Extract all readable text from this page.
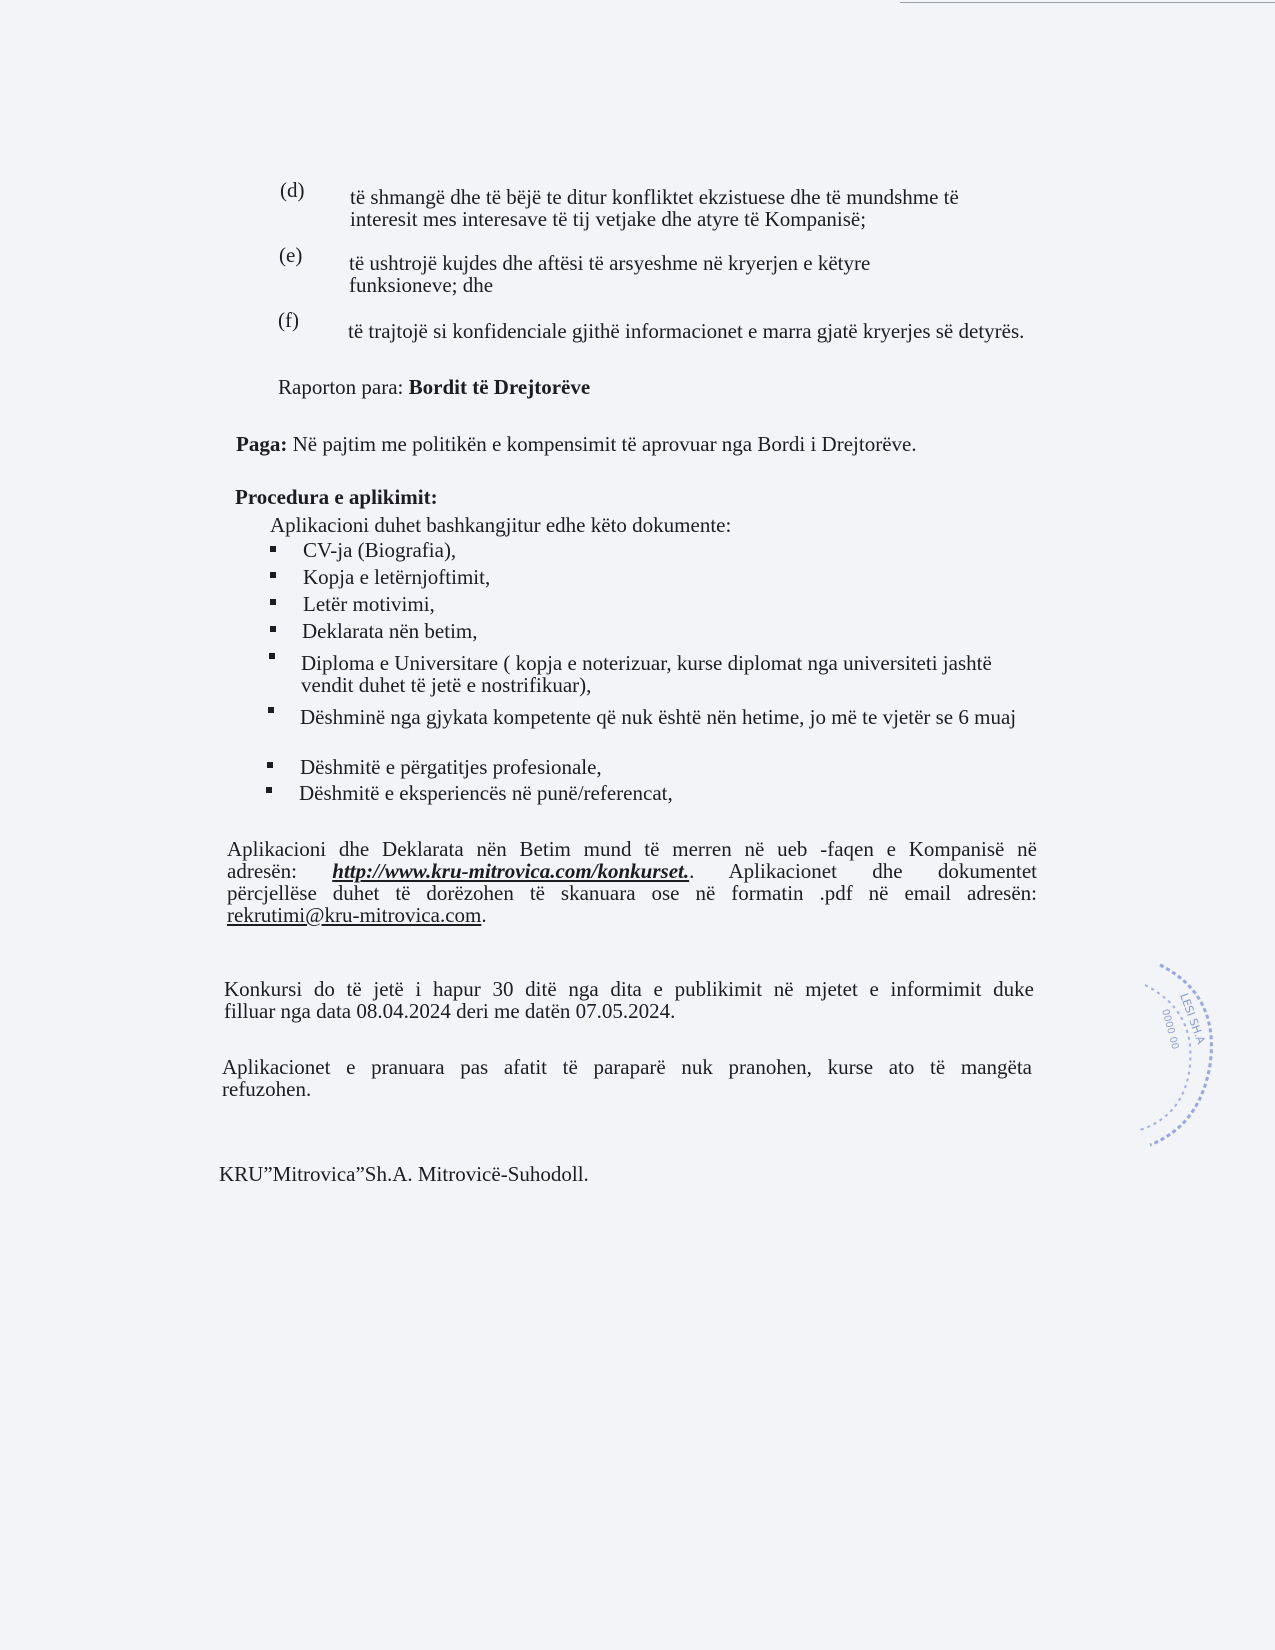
(d) të shmangë dhe të bëjë te ditur konfliktet ekzistuese dhe të mundshme të interesit mes interesave të tij vetjake dhe atyre të Kompanisë;
(e) të ushtrojë kujdes dhe aftësi të arsyeshme në kryerjen e këtyre funksioneve; dhe
(f) të trajtojë si konfidenciale gjithë informacionet e marra gjatë kryerjes së detyrës.
Raporton para: Bordit të Drejtorëve
Paga: Në pajtim me politikën e kompensimit të aprovuar nga Bordi i Drejtorëve.
Procedura e aplikimit:
Aplikacioni duhet bashkangjitur edhe këto dokumente:
CV-ja (Biografia),
Kopja e letërnjoftimit,
Letër motivimi,
Deklarata nën betim,
Diploma e Universitare ( kopja e noterizuar, kurse diplomat nga universiteti jashtë vendit duhet të jetë e nostrifikuar),
Dëshminë nga gjykata kompetente që nuk është nën hetime, jo më te vjetër se 6 muaj
Dëshmitë e përgatitjes profesionale,
Dëshmitë e eksperiencës në punë/referencat,
Aplikacioni dhe Deklarata nën Betim mund të merren në ueb -faqen e Kompanisë në
adresën: http://www.kru-mitrovica.com/konkurset.. Aplikacionet dhe dokumentet
përcjellëse duhet të dorëzohen të skanuara ose në formatin .pdf në email adresën:
rekrutimi@kru-mitrovica.com.
Konkursi do të jetë i hapur 30 ditë nga dita e publikimit në mjetet e informimit duke
filluar nga data 08.04.2024 deri me datën 07.05.2024.
Aplikacionet e pranuara pas afatit të paraparë nuk pranohen, kurse ato të mangëta
refuzohen.
KRU”Mitrovica”Sh.A. Mitrovicë-Suhodoll.
LESI SH.A
0000 00
